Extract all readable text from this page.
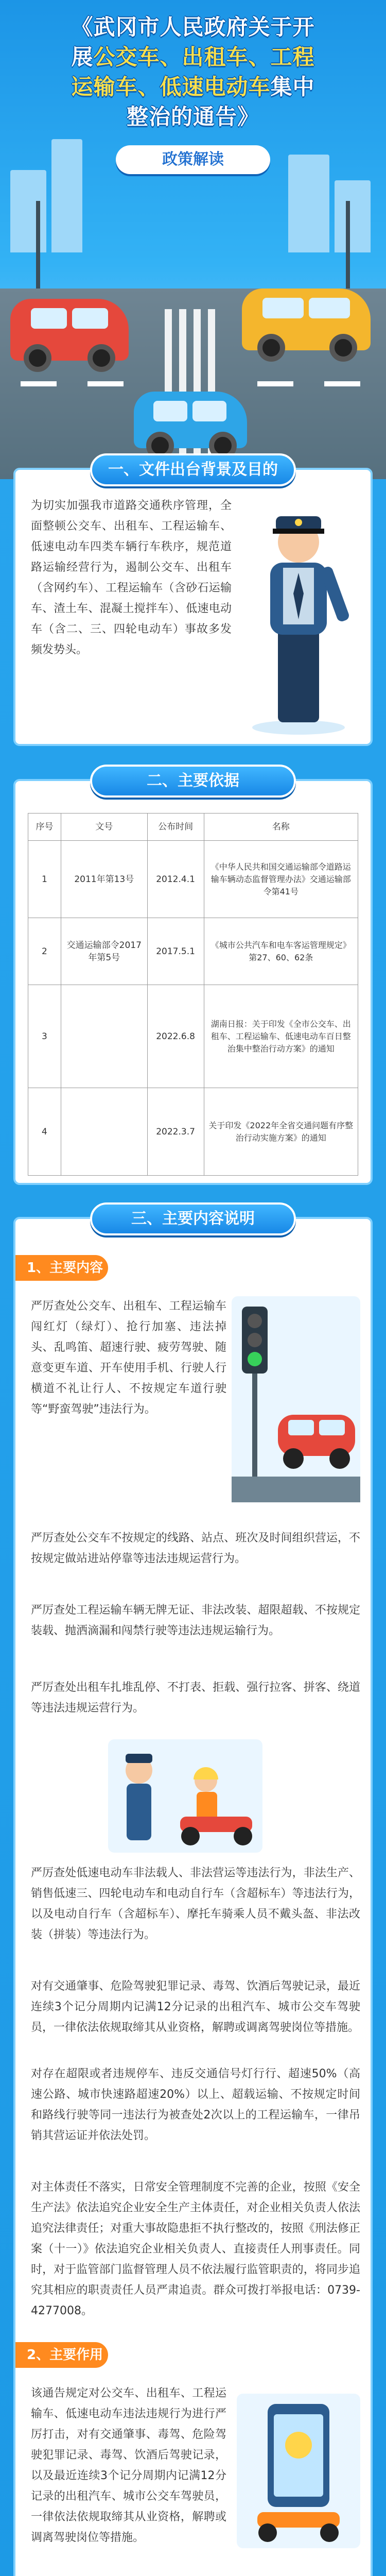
《武冈市人民政府关于开
展公交车、出租车、工程
运输车、低速电动车集中
整治的通告》
政策解读
一、文件出台背景及目的
为切实加强我市道路交通秩序管理，全面整顿公交车、出租车、工程运输车、低速电动车四类车辆行车秩序，规范道路运输经营行为，遏制公交车、出租车（含网约车）、工程运输车（含砂石运输车、渣土车、混凝土搅拌车）、低速电动车（含二、三、四轮电动车）事故多发频发势头。
二、主要依据
序号	文号	公布时间	名称
1	2011年第13号	2012.4.1	《中华人民共和国交通运输部令道路运输车辆动态监督管理办法》交通运输部令第41号
2	交通运输部令2017年第5号	2017.5.1	《城市公共汽车和电车客运管理规定》第27、60、62条
3		2022.6.8	湖南日报：关于印发《全市公交车、出租车、工程运输车、低速电动车百日整治集中整治行动方案》的通知
4		2022.3.7	关于印发《2022年全省交通问题有序整治行动实施方案》的通知
三、主要内容说明
1、主要内容
严厉查处公交车、出租车、工程运输车闯红灯（绿灯）、抢行加塞、违法掉头、乱鸣笛、超速行驶、疲劳驾驶、随意变更车道、开车使用手机、行驶人行横道不礼让行人、不按规定车道行驶等“野蛮驾驶”违法行为。
严厉查处公交车不按规定的线路、站点、班次及时间组织营运，不按规定做站进站停靠等违法违规运营行为。
严厉查处工程运输车辆无牌无证、非法改装、超限超载、不按规定装载、抛洒滴漏和闯禁行驶等违法违规运输行为。
严厉查处出租车扎堆乱停、不打表、拒载、强行拉客、拼客、绕道等违法违规运营行为。
严厉查处低速电动车非法载人、非法营运等违法行为，非法生产、销售低速三、四轮电动车和电动自行车（含超标车）等违法行为，以及电动自行车（含超标车）、摩托车骑乘人员不戴头盔、非法改装（拼装）等违法行为。
对有交通肇事、危险驾驶犯罪记录、毒驾、饮酒后驾驶记录，最近连续3个记分周期内记满12分记录的出租汽车、城市公交车驾驶员，一律依法依规取缔其从业资格，解聘或调离驾驶岗位等措施。
对存在超限或者违规停车、违反交通信号灯行行、超速50%（高速公路、城市快速路超速20%）以上、超载运输、不按规定时间和路线行驶等同一违法行为被查处2次以上的工程运输车，一律吊销其营运证并依法处罚。
对主体责任不落实，日常安全管理制度不完善的企业，按照《安全生产法》依法追究企业安全生产主体责任，对企业相关负责人依法追究法律责任；对重大事故隐患拒不执行整改的，按照《刑法修正案（十一）》依法追究企业相关负责人、直接责任人刑事责任。同时，对于监管部门监督管理人员不依法履行监管职责的，将同步追究其相应的职责责任人员严肃追责。群众可拨打举报电话：0739-4277008。
2、主要作用
该通告规定对公交车、出租车、工程运输车、低速电动车违法违规行为进行严厉打击，对有交通肇事、毒驾、危险驾驶犯罪记录、毒驾、饮酒后驾驶记录，以及最近连续3个记分周期内记满12分记录的出租汽车、城市公交车驾驶员，一律依法依规取缔其从业资格，解聘或调离驾驶岗位等措施。
